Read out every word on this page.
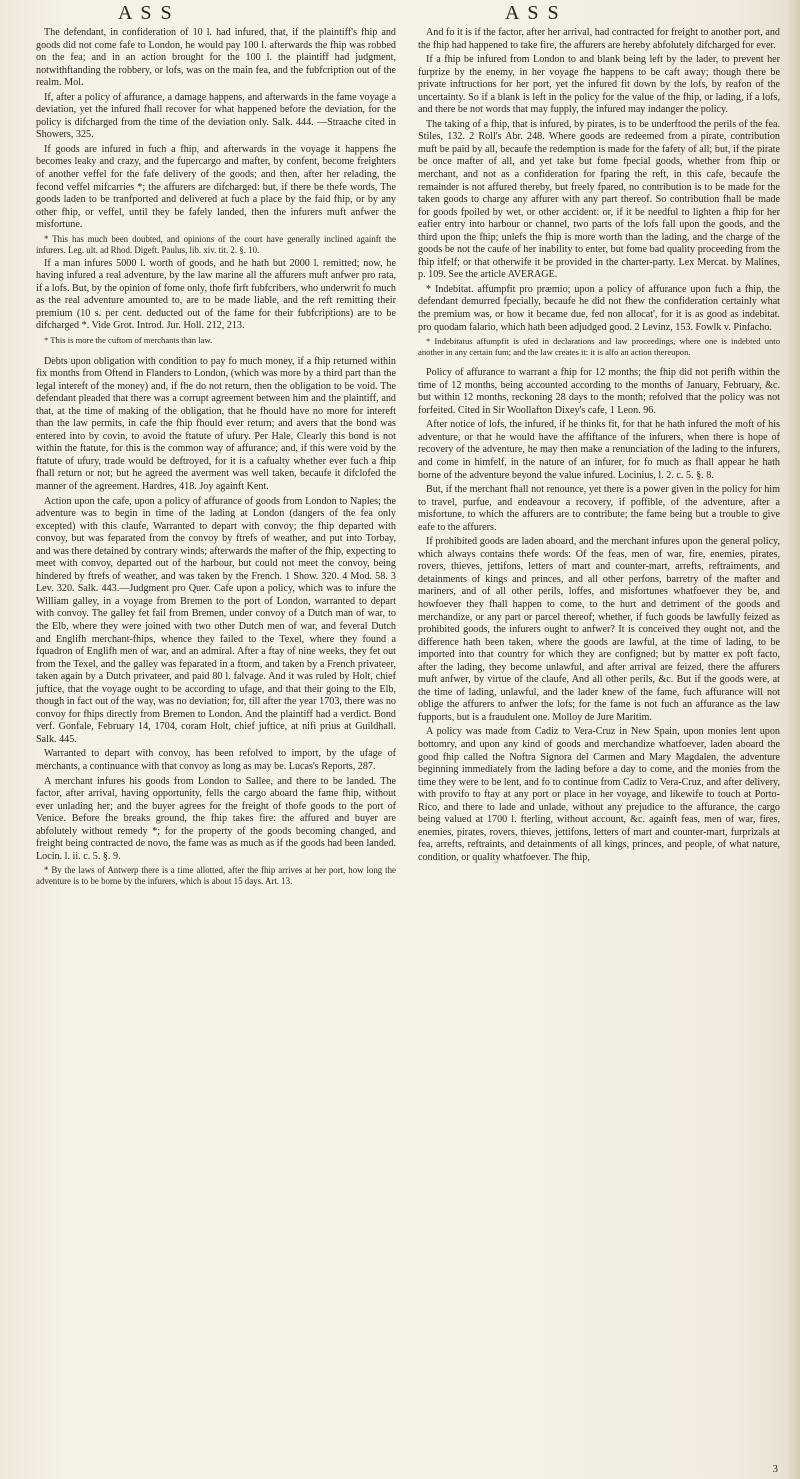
A S S	A S S

The defendant, in confideration of 10 l. had infured, that, if the plaintiff's fhip and goods did not come fafe to London, he would pay 100 l. afterwards the fhip was robbed on the fea; and in an action brought for the 100 l. the plaintiff had judgment, notwithftanding the robbery, or lofs, was on the main fea, and the fubfcription out of the realm. Mol.

If, after a policy of affurance, a damage happens, and afterwards in the fame voyage a deviation, yet the infured fhall recover for what happened before the deviation, for the policy is difcharged from the time of the deviation only. Salk. 444. —Straache cited in Showers, 325.

If goods are infured in fuch a fhip, and afterwards in the voyage it happens fhe becomes leaky and crazy, and the fupercargo and mafter, by confent, become freighters of another veffel for the fafe delivery of the goods; and then, after her relading, the fecond veffel mifcarries *; the affurers are difcharged: but, if there be thefe words, The goods laden to be tranfported and delivered at fuch a place by the faid fhip, or by any other fhip, or veffel, until they be fafely landed, then the infurers muft anfwer the misfortune.

* This has much been doubted, and opinions of the court have generally inclined againft the infurers. Leg. ult. ad Rhod. Digeft. Paulus, lib. xiv. tit. 2. §. 10.

If a man infures 5000 l. worth of goods, and he hath but 2000 l. remitted; now, he having infured a real adventure, by the law marine all the affurers muft anfwer pro rata, if a lofs. But, by the opinion of fome only, thofe firft fubfcribers, who underwrit fo much as the real adventure amounted to, are to be made liable, and the reft remitting their premium (10 s. per cent. deducted out of the fame for their fubfcriptions) are to be difcharged *. Vide Grot. Introd. Jur. Holl. 212, 213.

* This is more the cuftom of merchants than law.

Debts upon obligation with condition to pay fo much money, if a fhip returned within fix months from Oftend in Flanders to London, (which was more by a third part than the legal intereft of the money) and, if fhe do not return, then the obligation to be void. The defendant pleaded that there was a corrupt agreement between him and the plaintiff, and that, at the time of making of the obligation, that he fhould have no more for intereft than the law permits, in cafe the fhip fhould ever return; and avers that the bond was entered into by covin, to avoid the ftatute of ufury. Per Hale, Clearly this bond is not within the ftatute, for this is the common way of affurance; and, if this were void by the ftatute of ufury, trade would be deftroyed, for it is a cafualty whether ever fuch a fhip fhall return or not; but he agreed the averment was well taken, becaufe it difclofed the manner of the agreement. Hardres, 418. Joy againft Kent.

Action upon the cafe, upon a policy of affurance of goods from London to Naples; the adventure was to begin in time of the lading at London (dangers of the fea only excepted) with this claufe, Warranted to depart with convoy; the fhip departed with convoy, but was feparated from the convoy by ftrefs of weather, and put into Torbay, and was there detained by contrary winds; afterwards the mafter of the fhip, expecting to meet with convoy, departed out of the harbour, but could not meet the convoy, being hindered by ftrefs of weather, and was taken by the French. 1 Show. 320. 4 Mod. 58. 3 Lev. 320. Salk. 443.—Judgment pro Quer. Cafe upon a policy, which was to infure the William galley, in a voyage from Bremen to the port of London, warranted to depart with convoy. The galley fet fail from Bremen, under convoy of a Dutch man of war, to the Elb, where they were joined with two other Dutch men of war, and feveral Dutch and Englifh merchant-fhips, whence they failed to the Texel, where they found a fquadron of Englifh men of war, and an admiral. After a ftay of nine weeks, they fet out from the Texel, and the galley was feparated in a ftorm, and taken by a French privateer, taken again by a Dutch privateer, and paid 80 l. falvage. And it was ruled by Holt, chief juftice, that the voyage ought to be according to ufage, and that their going to the Elb, though in fact out of the way, was no deviation; for, till after the year 1703, there was no convoy for fhips directly from Bremen to London. And the plaintiff had a verdict. Bond verf. Gonfale, February 14, 1704, coram Holt, chief juftice, at nifi prius at Guildhall. Salk. 445.

Warranted to depart with convoy, has been refolved to import, by the ufage of merchants, a continuance with that convoy as long as may be. Lucas's Reports, 287.

A merchant infures his goods from London to Sallee, and there to be landed. The factor, after arrival, having opportunity, fells the cargo aboard the fame fhip, without ever unlading her; and the buyer agrees for the freight of thofe goods to the port of Venice. Before fhe breaks ground, the fhip takes fire: the affured and buyer are abfolutely without remedy *; for the property of the goods becoming changed, and freight being contracted de novo, the fame was as much as if the goods had been landed. Locin. l. ii. c. 5. §. 9.

* By the laws of Antwerp there is a time allotted, after the fhip arrives at her port, how long the adventure is to be borne by the infurers, which is about 15 days. Art. 13.

And fo it is if the factor, after her arrival, had contracted for freight to another port, and the fhip had happened to take fire, the affurers are hereby abfolutely difcharged for ever.

If a fhip be infured from London to and blank being left by the lader, to prevent her furprize by the enemy, in her voyage fhe happens to be caft away; though there be private inftructions for her port, yet the infured fit down by the lofs, by reafon of the uncertainty. So if a blank is left in the policy for the value of the fhip, or lading, if a lofs, and there be not words that may fupply, the infured may indanger the policy.

The taking of a fhip, that is infured, by pirates, is to be underftood the perils of the fea. Stiles, 132. 2 Roll's Abr. 248. Where goods are redeemed from a pirate, contribution muft be paid by all, becaufe the redemption is made for the fafety of all; but, if the pirate be once mafter of all, and yet take but fome fpecial goods, whether from fhip or merchant, and not as a confideration for fparing the reft, in this cafe, becaufe the remainder is not affured thereby, but freely fpared, no contribution is to be made for the taken goods to charge any affurer with any part thereof. So contribution fhall be made for goods fpoiled by wet, or other accident: or, if it be needful to lighten a fhip for her eafier entry into harbour or channel, two parts of the lofs fall upon the goods, and the third upon the fhip; unlefs the fhip is more worth than the lading, and the charge of the goods be not the caufe of her inability to enter, but fome bad quality proceeding from the fhip itfelf; or that otherwife it be provided in the charter-party. Lex Mercat. by Malines, p. 109. See the article AVERAGE.

* Indebitat. affumpfit pro præmio; upon a policy of affurance upon fuch a fhip, the defendant demurred fpecially, becaufe he did not fhew the confideration certainly what the premium was, or how it became due, fed non allocat', for it is as good as indebitat. pro quodam falario, which hath been adjudged good. 2 Levinz, 153. Fowlk v. Pinfacho.

* Indebitatus affumpfit is ufed in declarations and law proceedings, where one is indebted unto another in any certain fum; and the law creates it: it is alfo an action thereupon.

Policy of affurance to warrant a fhip for 12 months; the fhip did not perifh within the time of 12 months, being accounted according to the months of January, February, &c. but within 12 months, reckoning 28 days to the month; refolved that the policy was not forfeited. Cited in Sir Woollafton Dixey's cafe, 1 Leon. 96.

After notice of lofs, the infured, if he thinks fit, for that he hath infured the moft of his adventure, or that he would have the affiftance of the infurers, when there is hope of recovery of the adventure, he may then make a renunciation of the lading to the infurers, and come in himfelf, in the nature of an infurer, for fo much as fhall appear he hath borne of the adventure beyond the value infured. Locinius, l. 2. c. 5. §. 8.

But, if the merchant fhall not renounce, yet there is a power given in the policy for him to travel, purfue, and endeavour a recovery, if poffible, of the adventure, after a misfortune, to which the affurers are to contribute; the fame being but a trouble to give eafe to the affurers.

If prohibited goods are laden aboard, and the merchant infures upon the general policy, which always contains thefe words: Of the feas, men of war, fire, enemies, pirates, rovers, thieves, jettifons, letters of mart and counter-mart, arrefts, reftraiments, and detainments of kings and princes, and all other perfons, barretry of the mafter and mariners, and of all other perils, loffes, and misfortunes whatfoever they be, and howfoever they fhall happen to come, to the hurt and detriment of the goods and merchandize, or any part or parcel thereof; whether, if fuch goods be lawfully feized as prohibited goods, the infurers ought to anfwer? It is conceived they ought not, and the difference hath been taken, where the goods are lawful, at the time of lading, to be imported into that country for which they are configned; but by matter ex poft facto, after the lading, they become unlawful, and after arrival are feized, there the affurers muft anfwer, by virtue of the claufe, And all other perils, &c. But if the goods were, at the time of lading, unlawful, and the lader knew of the fame, fuch affurance will not oblige the affurers to anfwer the lofs; for the fame is not fuch an affurance as the law fupports, but is a fraudulent one. Molloy de Jure Maritim.

A policy was made from Cadiz to Vera-Cruz in New Spain, upon monies lent upon bottomry, and upon any kind of goods and merchandize whatfoever, laden aboard the good fhip called the Noftra Signora del Carmen and Mary Magdalen, the adventure beginning immediately from the lading before a day to come, and the monies from the time they were to be lent, and fo to continue from Cadiz to Vera-Cruz, and after delivery, with provifo to ftay at any port or place in her voyage, and likewife to touch at Porto-Rico, and there to lade and unlade, without any prejudice to the affurance, the cargo being valued at 1700 l. fterling, without account, &c. againft feas, men of war, fires, enemies, pirates, rovers, thieves, jettifons, letters of mart and counter-mart, furprizals at fea, arrefts, reftraints, and detainments of all kings, princes, and people, of what nature, condition, or quality whatfoever. The fhip,

3
